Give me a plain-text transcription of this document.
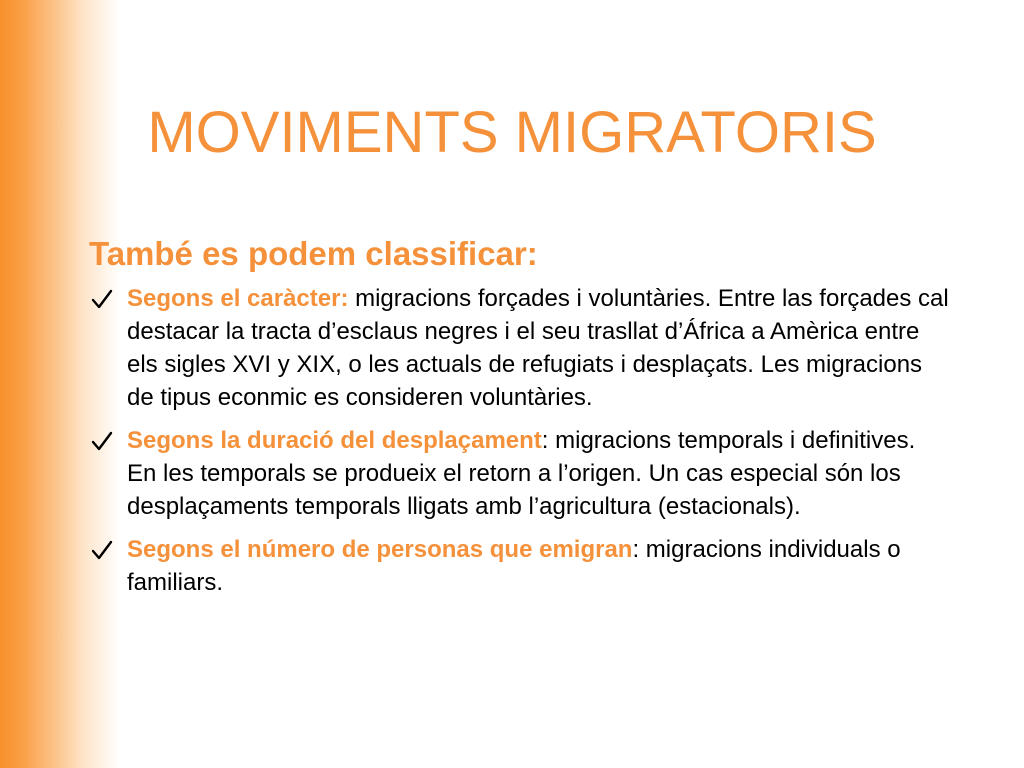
MOVIMENTS MIGRATORIS
També es podem classificar:
Segons el caràcter: migracions forçades i voluntàries. Entre las forçades cal destacar la tracta d’esclaus negres i el seu trasllat d’África a Amèrica entre els sigles XVI y XIX, o les actuals de refugiats i desplaçats. Les migracions de tipus econmic es consideren voluntàries.
Segons la duració del desplaçament: migracions temporals i definitives. En les temporals se produeix el retorn a l’origen. Un cas especial són los desplaçaments temporals lligats amb l’agricultura (estacionals).
Segons el número de personas que emigran: migracions individuals o familiars.
